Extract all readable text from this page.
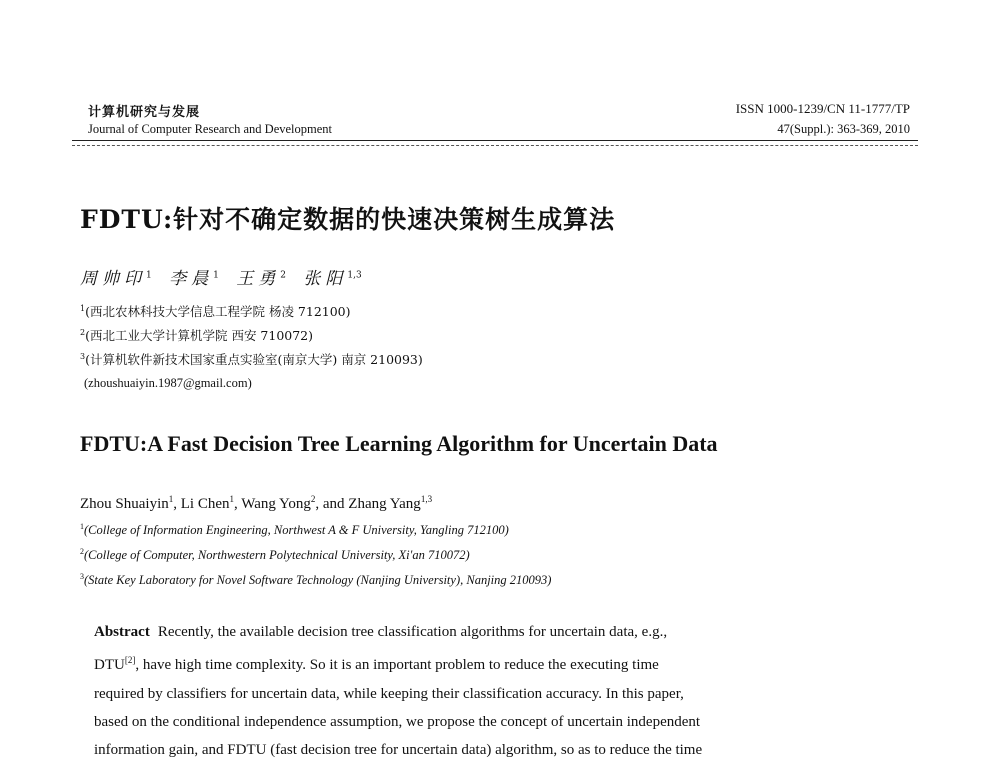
计算机研究与发展
Journal of Computer Research and Development
ISSN 1000-1239/CN 11-1777/TP
47(Suppl.): 363-369, 2010
FDTU:针对不确定数据的快速决策树生成算法
周帅印$^1$ 李晨$^1$ 王勇$^2$ 张阳$^{1,3}$
$^1$(西北农林科技大学信息工程学院 杨凌 712100)
$^2$(西北工业大学计算机学院 西安 710072)
$^3$(计算机软件新技术国家重点实验室(南京大学) 南京 210093)
(zhoushuaiyin.1987@gmail.com)
FDTU:A Fast Decision Tree Learning Algorithm for Uncertain Data
Zhou Shuaiyin$^1$, Li Chen$^1$, Wang Yong$^2$, and Zhang Yang$^{1,3}$
$^1$(College of Information Engineering, Northwest A & F University, Yangling 712100)
$^2$(College of Computer, Northwestern Polytechnical University, Xi'an 710072)
$^3$(State Key Laboratory for Novel Software Technology (Nanjing University), Nanjing 210093)
Abstract Recently, the available decision tree classification algorithms for uncertain data, e.g.,
DTU[2], have high time complexity. So it is an important problem to reduce the executing time
required by classifiers for uncertain data, while keeping their classification accuracy. In this paper,
based on the conditional independence assumption, we propose the concept of uncertain independent
information gain, and FDTU (fast decision tree for uncertain data) algorithm, so as to reduce the time
